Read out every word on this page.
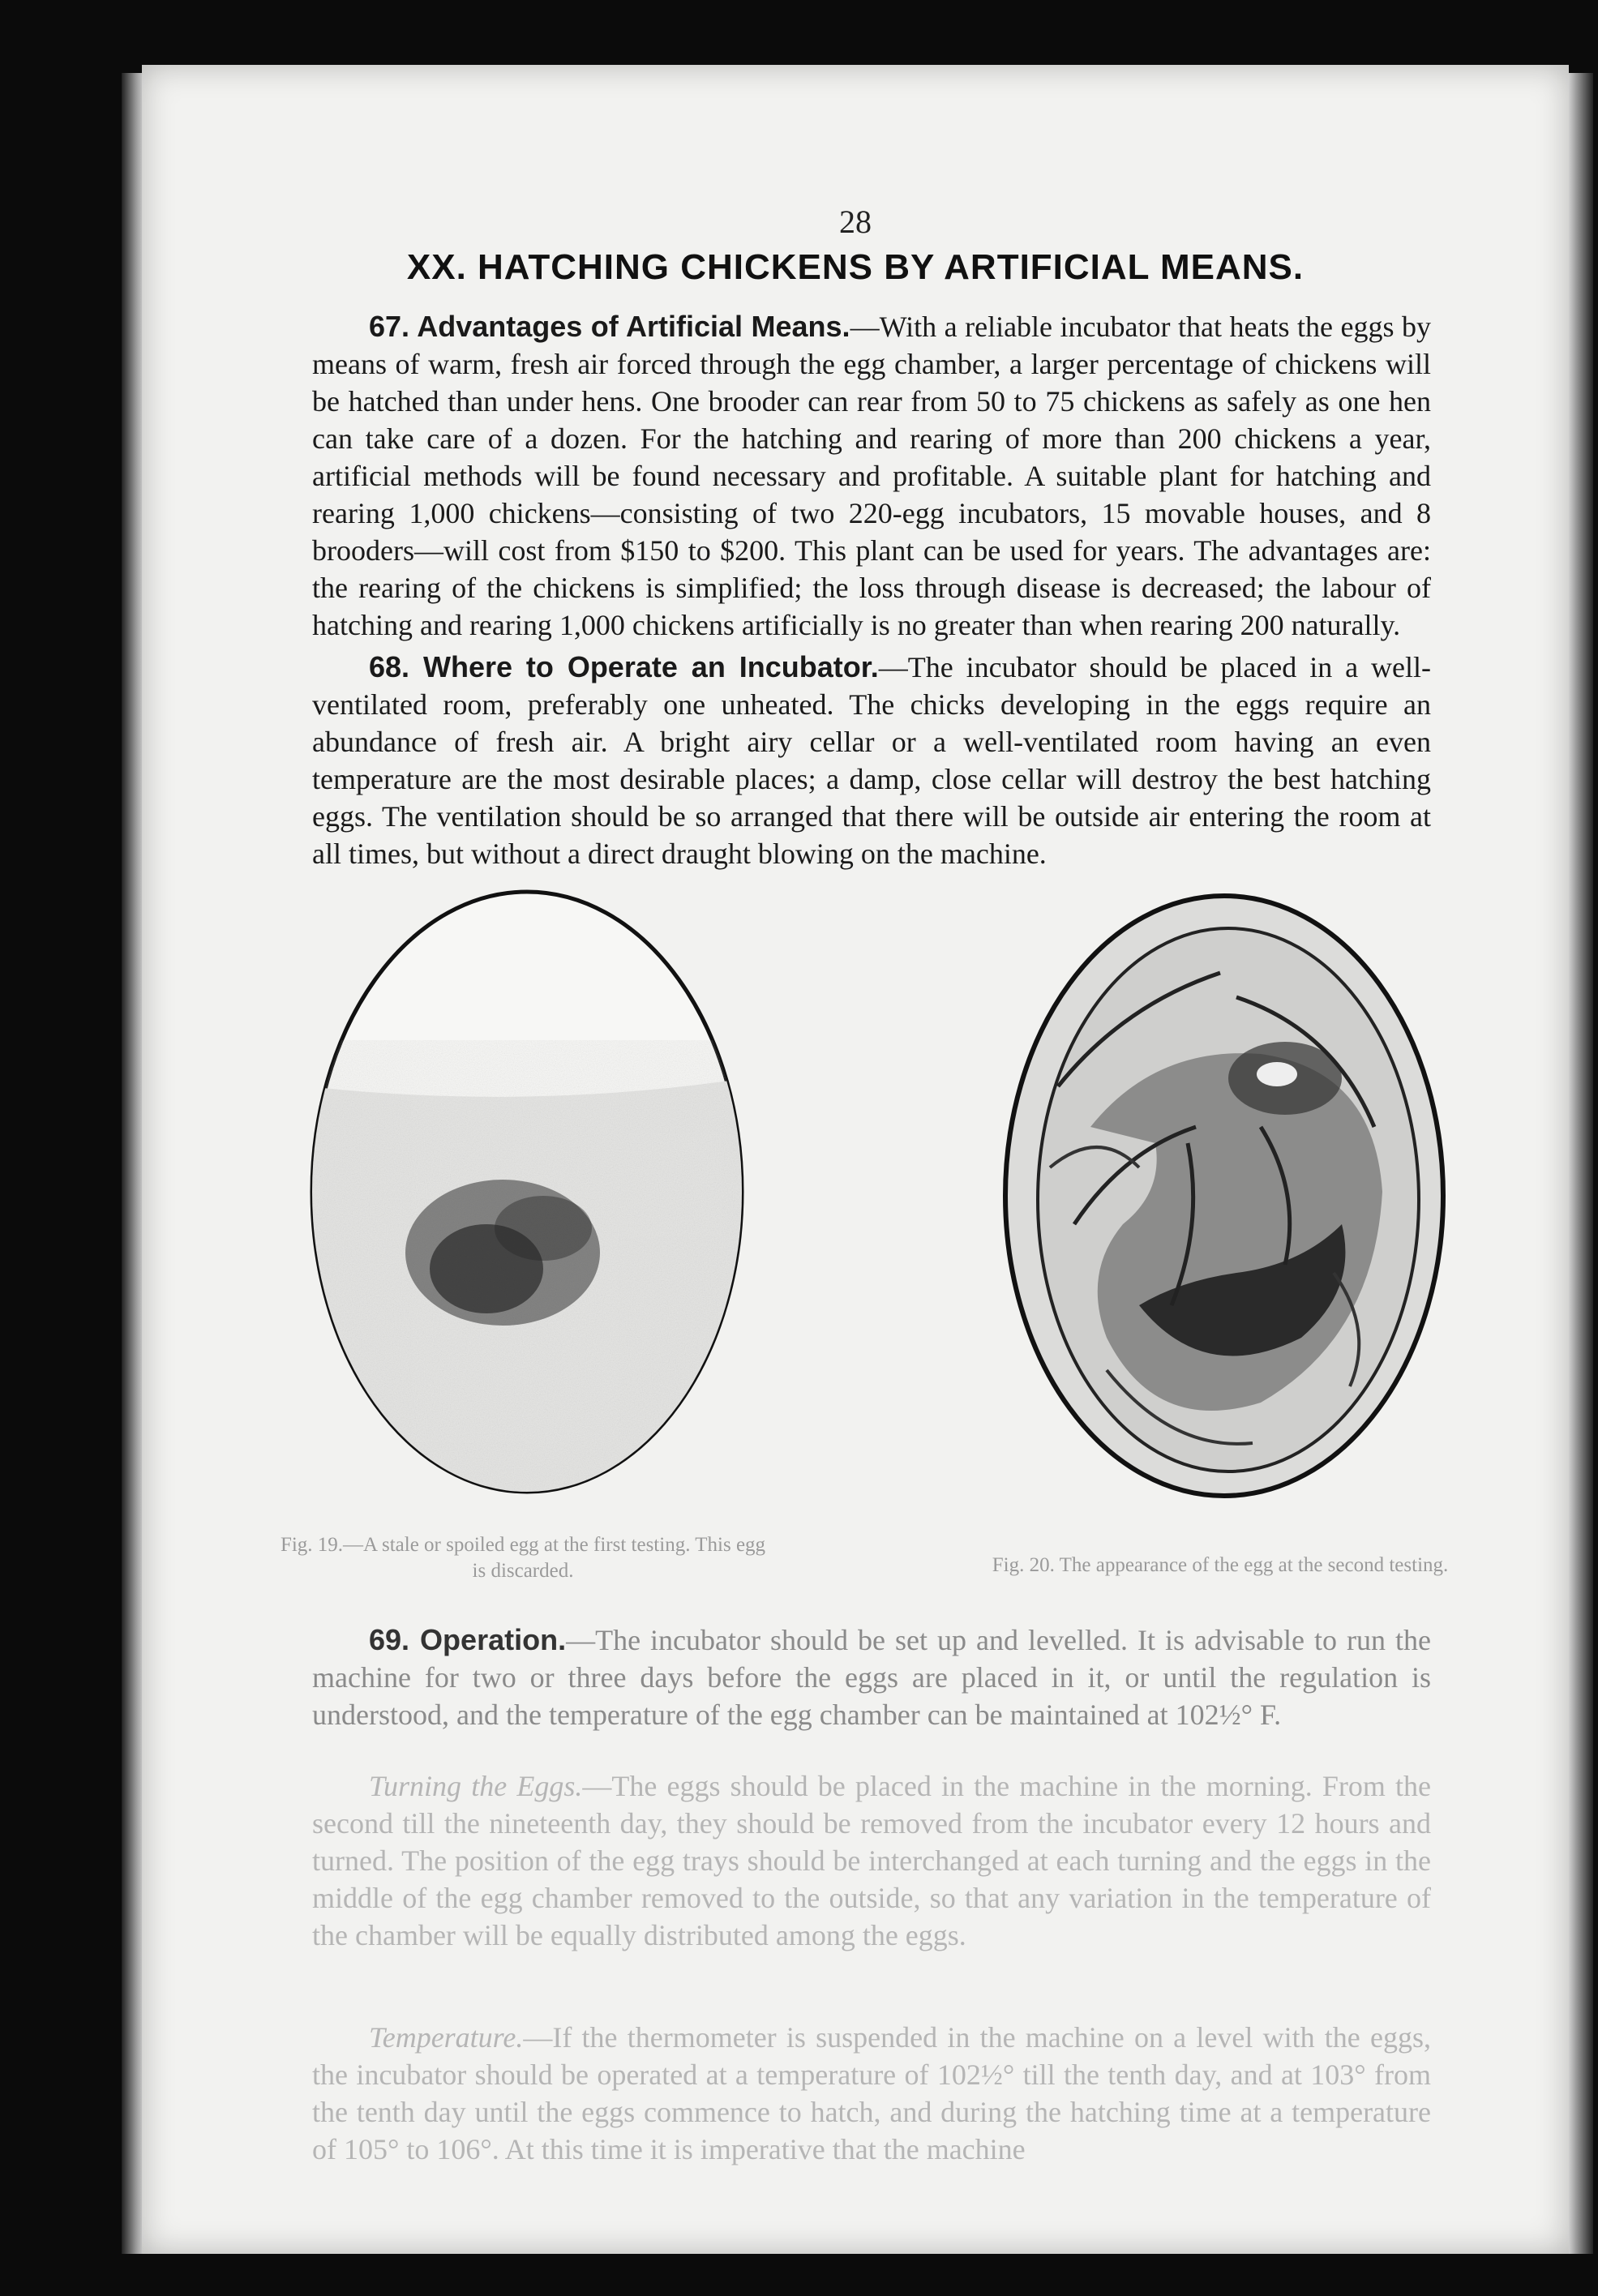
28
XX. HATCHING CHICKENS BY ARTIFICIAL MEANS.
67. Advantages of Artificial Means.—With a reliable incubator that heats the eggs by means of warm, fresh air forced through the egg chamber, a larger percentage of chickens will be hatched than under hens. One brooder can rear from 50 to 75 chickens as safely as one hen can take care of a dozen. For the hatching and rearing of more than 200 chickens a year, artificial methods will be found necessary and profitable. A suitable plant for hatching and rearing 1,000 chickens—consisting of two 220-egg incubators, 15 movable houses, and 8 brooders—will cost from $150 to $200. This plant can be used for years. The advantages are: the rearing of the chickens is simplified; the loss through disease is decreased; the labour of hatching and rearing 1,000 chickens artificially is no greater than when rearing 200 naturally.
68. Where to Operate an Incubator.—The incubator should be placed in a well-ventilated room, preferably one unheated. The chicks developing in the eggs require an abundance of fresh air. A bright airy cellar or a well-ventilated room having an even temperature are the most desirable places; a damp, close cellar will destroy the best hatching eggs. The ventilation should be so arranged that there will be outside air entering the room at all times, but without a direct draught blowing on the machine.
Fig. 19.—A stale or spoiled egg at the first testing. This egg is discarded.	Fig. 20. The appearance of the egg at the second testing.
69. Operation.—The incubator should be set up and levelled. It is advisable to run the machine for two or three days before the eggs are placed in it, or until the regulation is understood, and the temperature of the egg chamber can be maintained at 102½° F.
Turning the Eggs.—The eggs should be placed in the machine in the morning. From the second till the nineteenth day, they should be removed from the incubator every 12 hours and turned. The position of the egg trays should be interchanged at each turning and the eggs in the middle of the egg chamber removed to the outside, so that any variation in the temperature of the chamber will be equally distributed among the eggs.
Temperature.—If the thermometer is suspended in the machine on a level with the eggs, the incubator should be operated at a temperature of 102½° till the tenth day, and at 103° from the tenth day until the eggs commence to hatch, and during the hatching time at a temperature of 105° to 106°. At this time it is imperative that the machine
